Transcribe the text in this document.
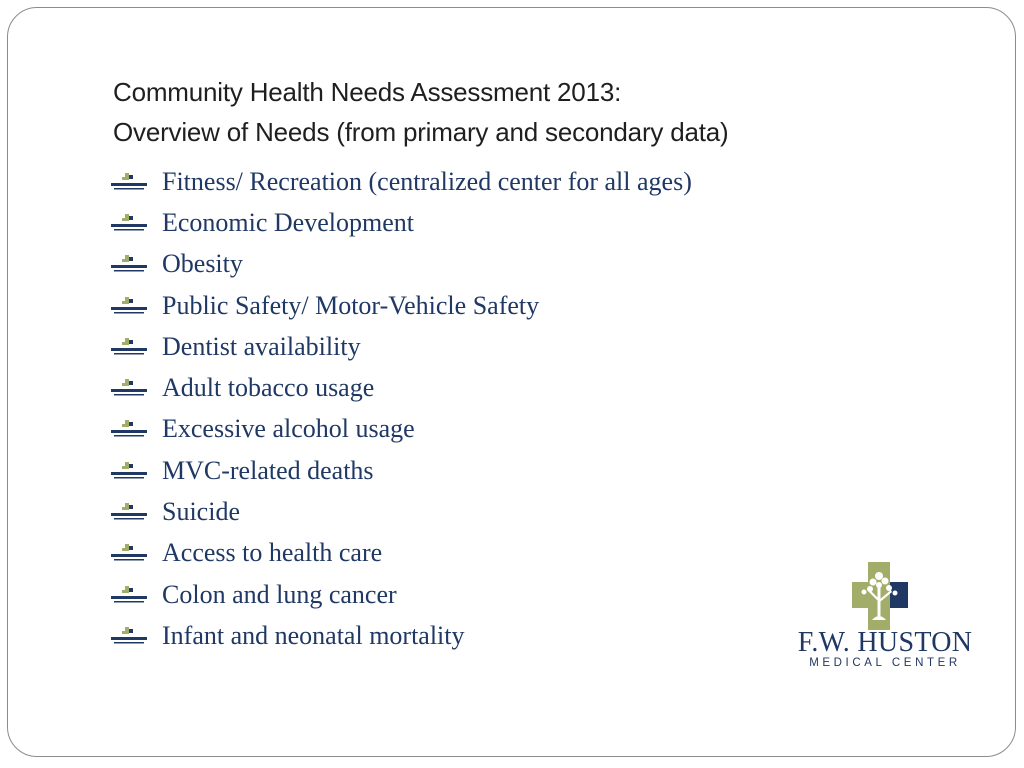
Community Health Needs Assessment 2013:
Overview of Needs (from primary and secondary data)
Fitness/ Recreation (centralized center for all ages)
Economic Development
Obesity
Public Safety/ Motor-Vehicle Safety
Dentist availability
Adult tobacco usage
Excessive alcohol usage
MVC-related deaths
Suicide
Access to health care
Colon and lung cancer
Infant and neonatal mortality	F.W. HUSTON
MEDICAL CENTER
